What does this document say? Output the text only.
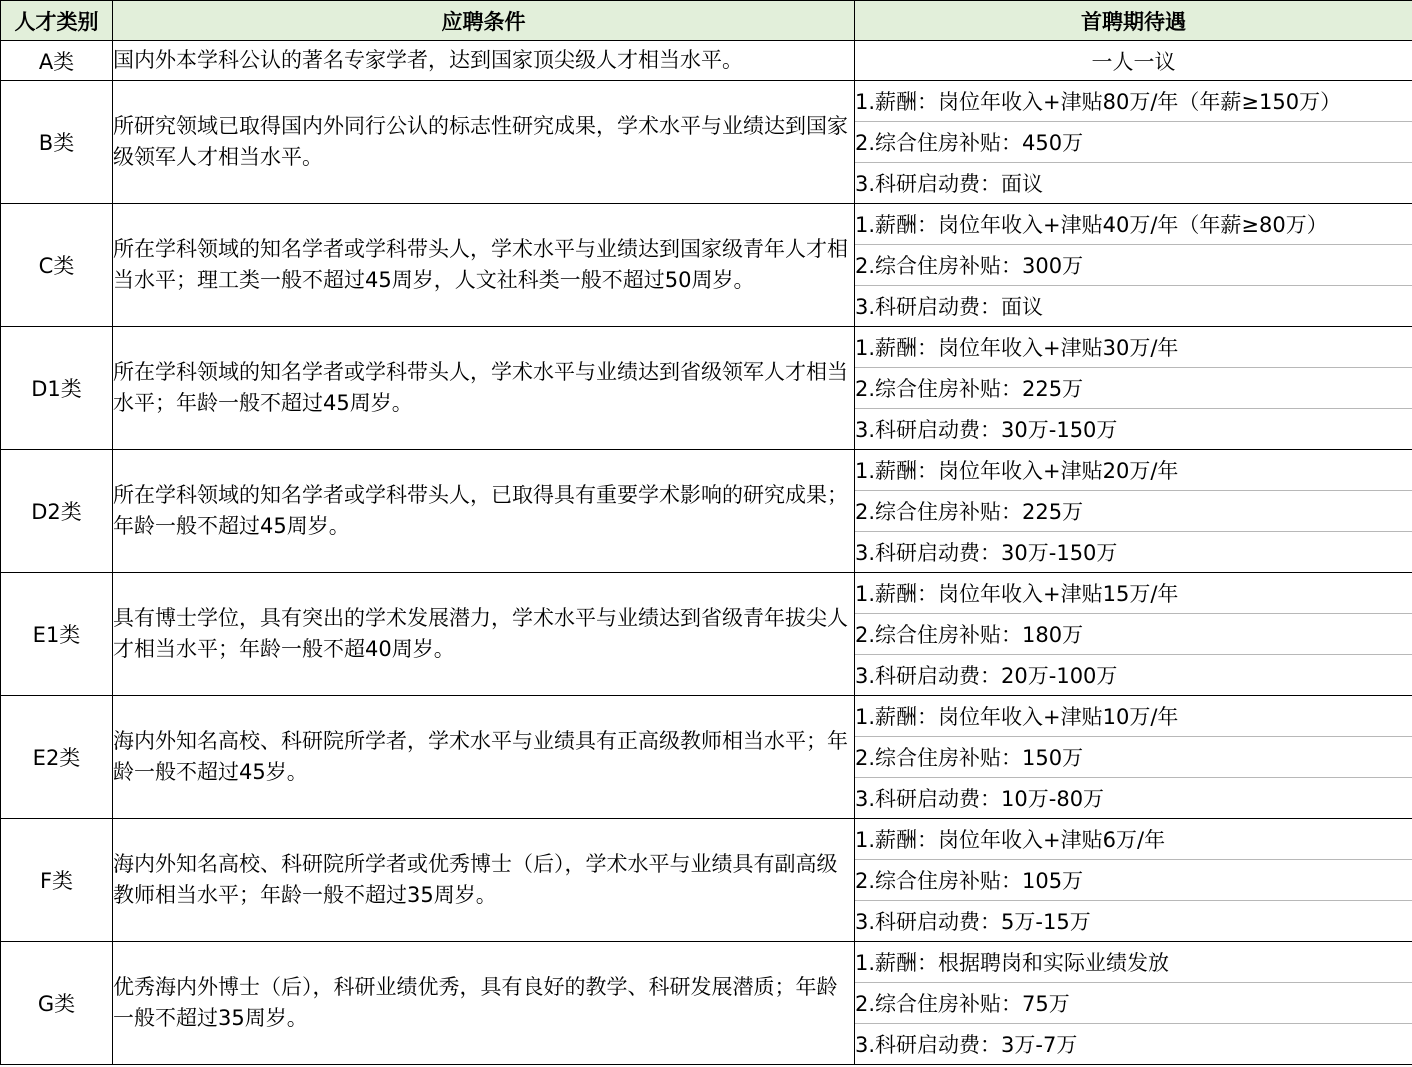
人才类别	应聘条件	首聘期待遇
A类	国内外本学科公认的著名专家学者，达到国家顶尖级人才相当水平。	一人一议
B类	所研究领域已取得国内外同行公认的标志性研究成果，学术水平与业绩达到国家级领军人才相当水平。	1.薪酬：岗位年收入+津贴80万/年（年薪≥150万）
		2.综合住房补贴：450万
		3.科研启动费：面议
C类	所在学科领域的知名学者或学科带头人，学术水平与业绩达到国家级青年人才相当水平；理工类一般不超过45周岁，人文社科类一般不超过50周岁。	1.薪酬：岗位年收入+津贴40万/年（年薪≥80万）
		2.综合住房补贴：300万
		3.科研启动费：面议
D1类	所在学科领域的知名学者或学科带头人，学术水平与业绩达到省级领军人才相当水平；年龄一般不超过45周岁。	1.薪酬：岗位年收入+津贴30万/年
		2.综合住房补贴：225万
		3.科研启动费：30万-150万
D2类	所在学科领域的知名学者或学科带头人，已取得具有重要学术影响的研究成果；年龄一般不超过45周岁。	1.薪酬：岗位年收入+津贴20万/年
		2.综合住房补贴：225万
		3.科研启动费：30万-150万
E1类	具有博士学位，具有突出的学术发展潜力，学术水平与业绩达到省级青年拔尖人才相当水平；年龄一般不超40周岁。	1.薪酬：岗位年收入+津贴15万/年
		2.综合住房补贴：180万
		3.科研启动费：20万-100万
E2类	海内外知名高校、科研院所学者，学术水平与业绩具有正高级教师相当水平；年龄一般不超过45岁。	1.薪酬：岗位年收入+津贴10万/年
		2.综合住房补贴：150万
		3.科研启动费：10万-80万
F类	海内外知名高校、科研院所学者或优秀博士（后），学术水平与业绩具有副高级教师相当水平；年龄一般不超过35周岁。	1.薪酬：岗位年收入+津贴6万/年
		2.综合住房补贴：105万
		3.科研启动费：5万-15万
G类	优秀海内外博士（后），科研业绩优秀，具有良好的教学、科研发展潜质；年龄一般不超过35周岁。	1.薪酬：根据聘岗和实际业绩发放
		2.综合住房补贴：75万
		3.科研启动费：3万-7万
